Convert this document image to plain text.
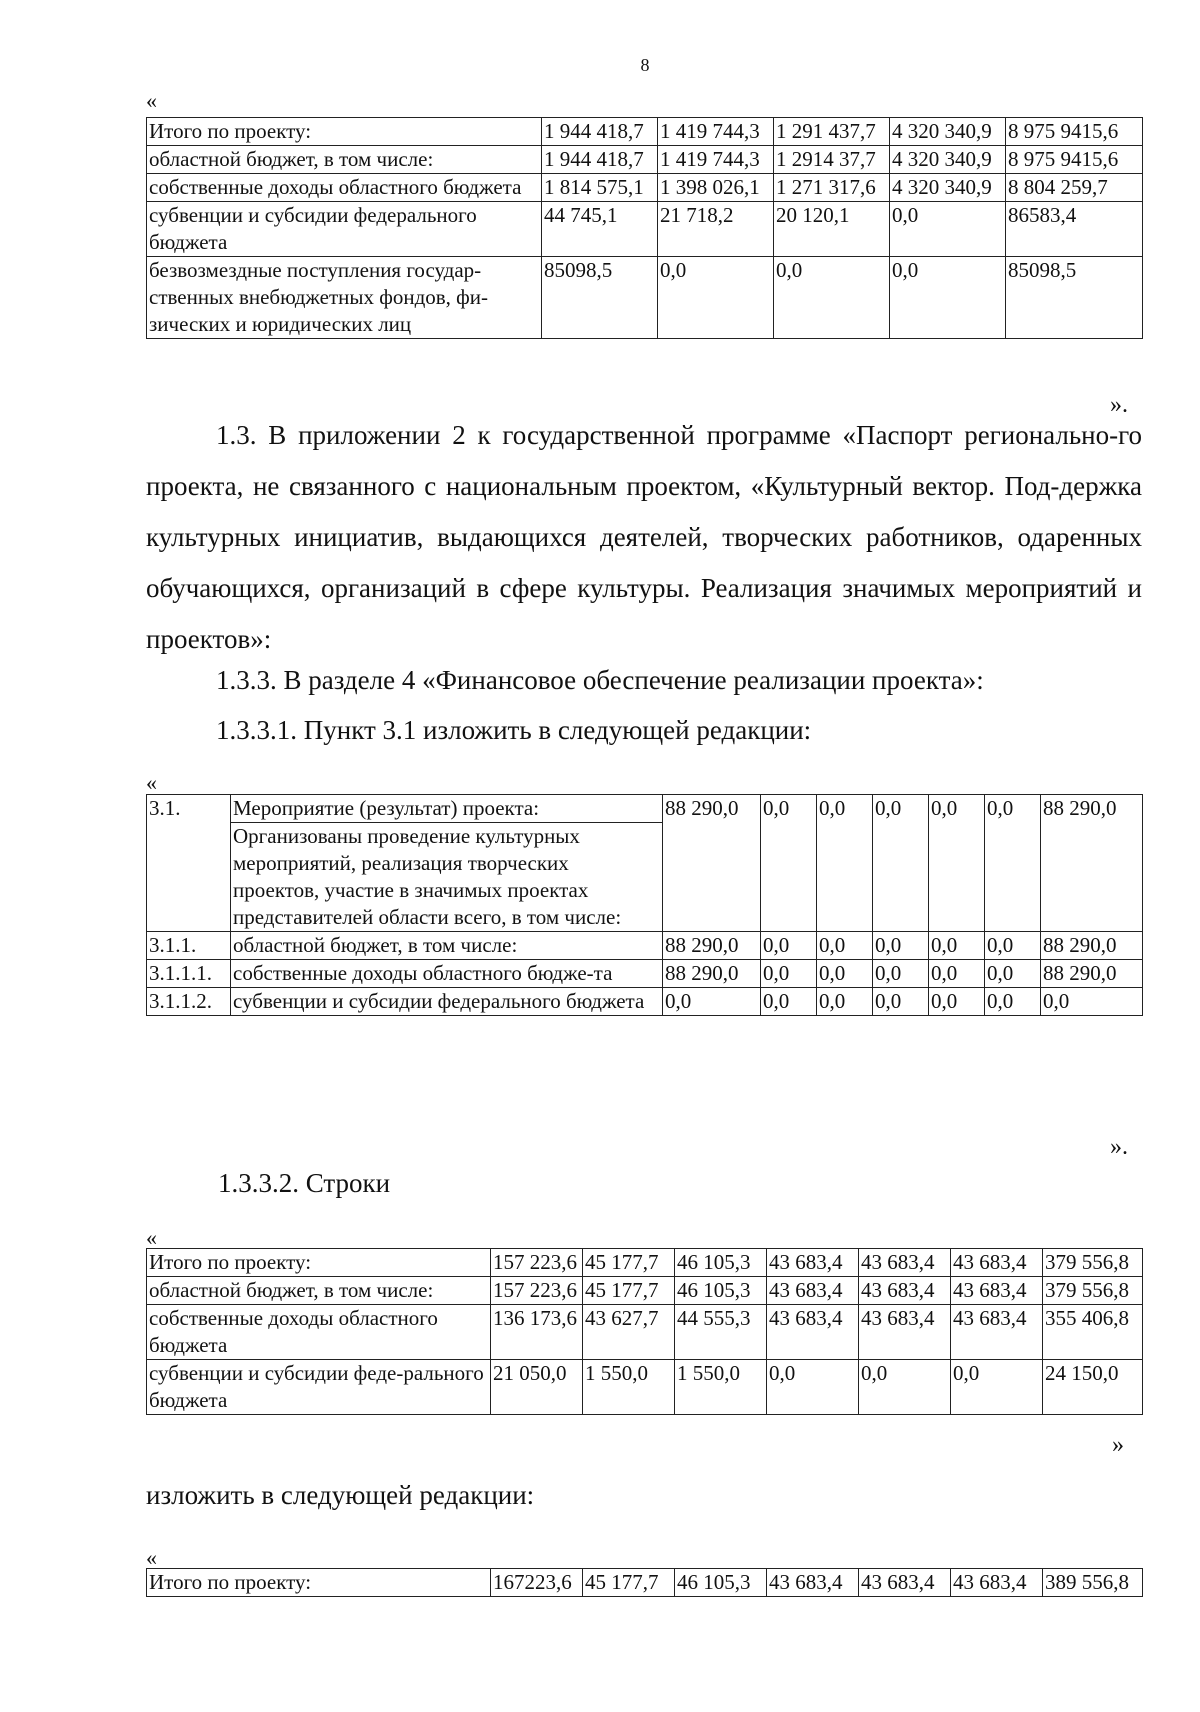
8
«
Итого по проекту:	1 944 418,7	1 419 744,3	1 291 437,7	4 320 340,9	8 975 9415,6
областной бюджет, в том числе:	1 944 418,7	1 419 744,3	1 2914 37,7	4 320 340,9	8 975 9415,6
собственные доходы областного бюджета	1 814 575,1	1 398 026,1	1 271 317,6	4 320 340,9	8 804 259,7
субвенции и субсидии федерального бюджета	44 745,1	21 718,2	20 120,1	0,0	86583,4
безвозмездные поступления государ-ственных внебюджетных фондов, фи-зических и юридических лиц	85098,5	0,0	0,0	0,0	85098,5
».
1.3. В приложении 2 к государственной программе «Паспорт регионально-го проекта, не связанного с национальным проектом, «Культурный вектор. Под-держка культурных инициатив, выдающихся деятелей, творческих работников, одаренных обучающихся, организаций в сфере культуры. Реализация значимых мероприятий и проектов»:
1.3.3. В разделе 4 «Финансовое обеспечение реализации проекта»:
1.3.3.1. Пункт 3.1 изложить в следующей редакции:
«
3.1.	Мероприятие (результат) проекта:	88 290,0	0,0	0,0	0,0	0,0	0,0	88 290,0
	Организованы проведение культурных мероприятий, реализация творческих проектов, участие в значимых проектах представителей области всего, в том числе:							
3.1.1.	областной бюджет, в том числе:	88 290,0	0,0	0,0	0,0	0,0	0,0	88 290,0
3.1.1.1.	собственные доходы областного бюдже-та	88 290,0	0,0	0,0	0,0	0,0	0,0	88 290,0
3.1.1.2.	субвенции и субсидии федерального бюджета	0,0	0,0	0,0	0,0	0,0	0,0	0,0
».
1.3.3.2. Строки
«
Итого по проекту:	157 223,6	45 177,7	46 105,3	43 683,4	43 683,4	43 683,4	379 556,8
областной бюджет, в том числе:	157 223,6	45 177,7	46 105,3	43 683,4	43 683,4	43 683,4	379 556,8
собственные доходы областного бюджета	136 173,6	43 627,7	44 555,3	43 683,4	43 683,4	43 683,4	355 406,8
субвенции и субсидии феде-рального бюджета	21 050,0	1 550,0	1 550,0	0,0	0,0	0,0	24 150,0
»
изложить в следующей редакции:
«
Итого по проекту:	167223,6	45 177,7	46 105,3	43 683,4	43 683,4	43 683,4	389 556,8
